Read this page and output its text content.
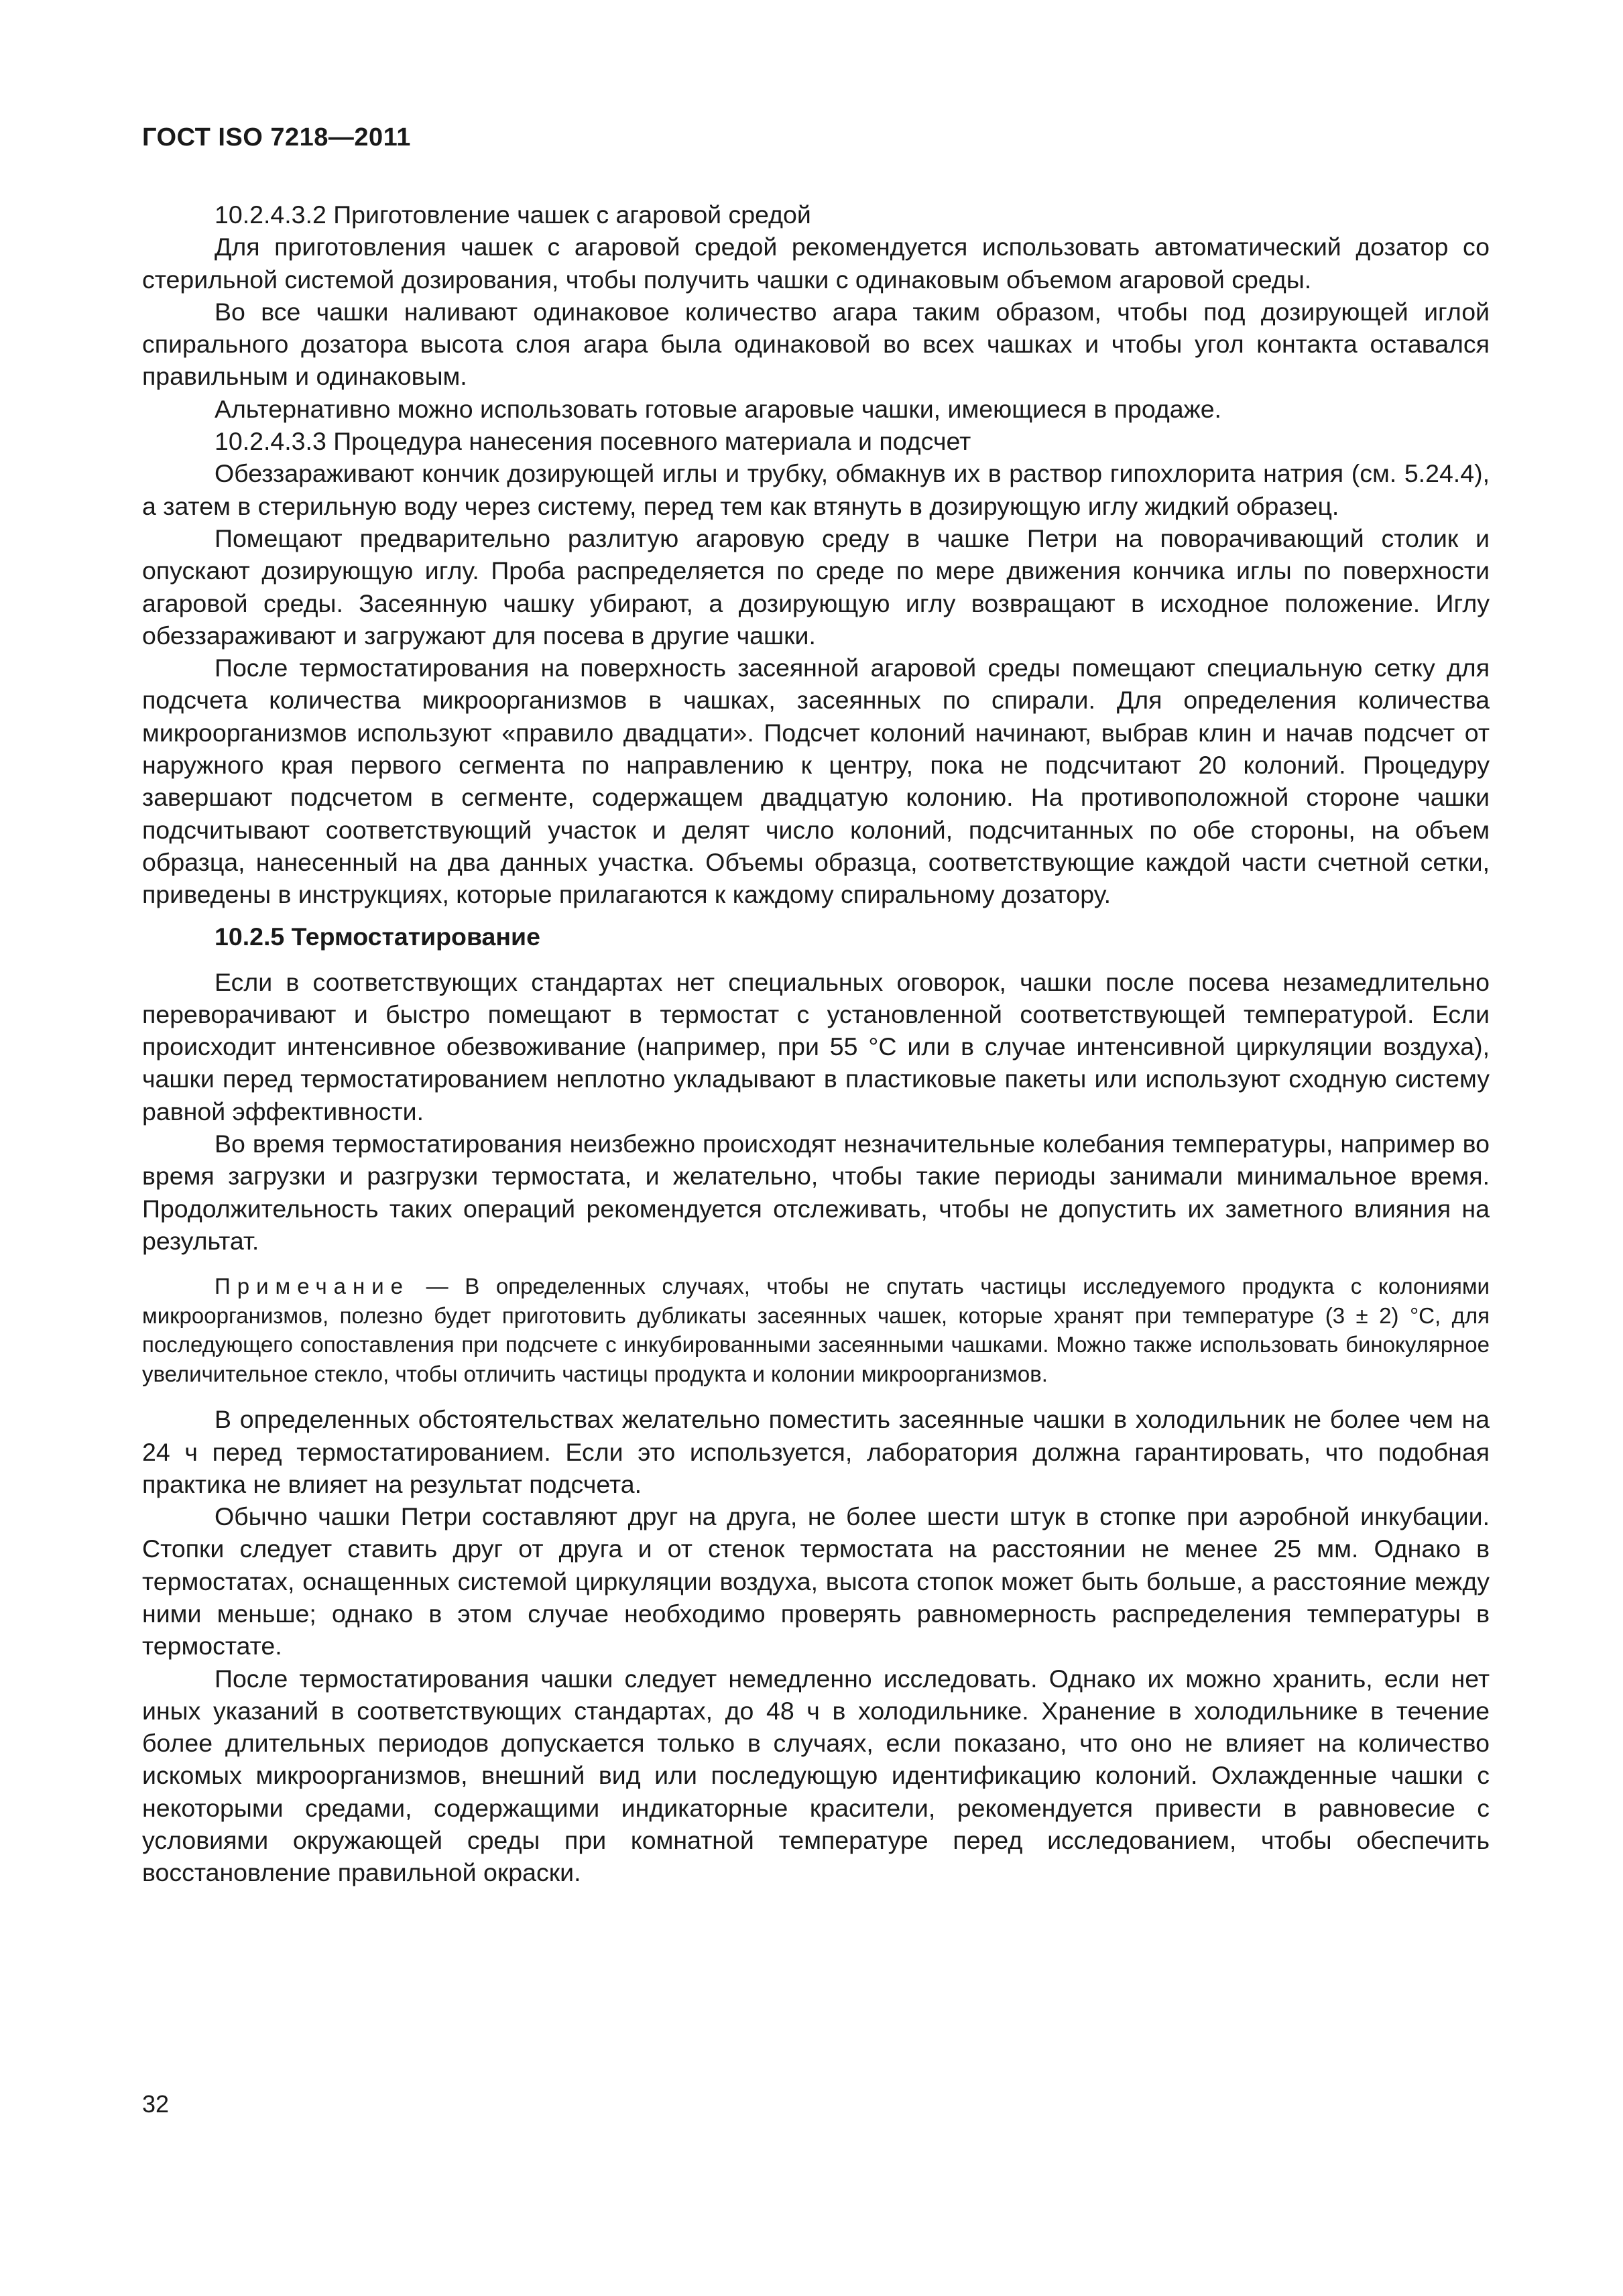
ГОСТ ISO 7218—2011

10.2.4.3.2 Приготовление чашек с агаровой средой

Для приготовления чашек с агаровой средой рекомендуется использовать автоматический дозатор со стерильной системой дозирования, чтобы получить чашки с одинаковым объемом агаровой среды.

Во все чашки наливают одинаковое количество агара таким образом, чтобы под дозирующей иглой спирального дозатора высота слоя агара была одинаковой во всех чашках и чтобы угол контакта оставался правильным и одинаковым.

Альтернативно можно использовать готовые агаровые чашки, имеющиеся в продаже.

10.2.4.3.3 Процедура нанесения посевного материала и подсчет

Обеззараживают кончик дозирующей иглы и трубку, обмакнув их в раствор гипохлорита натрия (см. 5.24.4), а затем в стерильную воду через систему, перед тем как втянуть в дозирующую иглу жидкий образец.

Помещают предварительно разлитую агаровую среду в чашке Петри на поворачивающий столик и опускают дозирующую иглу. Проба распределяется по среде по мере движения кончика иглы по поверхности агаровой среды. Засеянную чашку убирают, а дозирующую иглу возвращают в исходное положение. Иглу обеззараживают и загружают для посева в другие чашки.

После термостатирования на поверхность засеянной агаровой среды помещают специальную сетку для подсчета количества микроорганизмов в чашках, засеянных по спирали. Для определения количества микроорганизмов используют «правило двадцати». Подсчет колоний начинают, выбрав клин и начав подсчет от наружного края первого сегмента по направлению к центру, пока не подсчитают 20 колоний. Процедуру завершают подсчетом в сегменте, содержащем двадцатую колонию. На противоположной стороне чашки подсчитывают соответствующий участок и делят число колоний, подсчитанных по обе стороны, на объем образца, нанесенный на два данных участка. Объемы образца, соответствующие каждой части счетной сетки, приведены в инструкциях, которые прилагаются к каждому спиральному дозатору.

10.2.5 Термостатирование

Если в соответствующих стандартах нет специальных оговорок, чашки после посева незамедлительно переворачивают и быстро помещают в термостат с установленной соответствующей температурой. Если происходит интенсивное обезвоживание (например, при 55 °С или в случае интенсивной циркуляции воздуха), чашки перед термостатированием неплотно укладывают в пластиковые пакеты или используют сходную систему равной эффективности.

Во время термостатирования неизбежно происходят незначительные колебания температуры, например во время загрузки и разгрузки термостата, и желательно, чтобы такие периоды занимали минимальное время. Продолжительность таких операций рекомендуется отслеживать, чтобы не допустить их заметного влияния на результат.

Примечание — В определенных случаях, чтобы не спутать частицы исследуемого продукта с колониями микроорганизмов, полезно будет приготовить дубликаты засеянных чашек, которые хранят при температуре (3 ± 2) °С, для последующего сопоставления при подсчете с инкубированными засеянными чашками. Можно также использовать бинокулярное увеличительное стекло, чтобы отличить частицы продукта и колонии микроорганизмов.

В определенных обстоятельствах желательно поместить засеянные чашки в холодильник не более чем на 24 ч перед термостатированием. Если это используется, лаборатория должна гарантировать, что подобная практика не влияет на результат подсчета.

Обычно чашки Петри составляют друг на друга, не более шести штук в стопке при аэробной инкубации. Стопки следует ставить друг от друга и от стенок термостата на расстоянии не менее 25 мм. Однако в термостатах, оснащенных системой циркуляции воздуха, высота стопок может быть больше, а расстояние между ними меньше; однако в этом случае необходимо проверять равномерность распределения температуры в термостате.

После термостатирования чашки следует немедленно исследовать. Однако их можно хранить, если нет иных указаний в соответствующих стандартах, до 48 ч в холодильнике. Хранение в холодильнике в течение более длительных периодов допускается только в случаях, если показано, что оно не влияет на количество искомых микроорганизмов, внешний вид или последующую идентификацию колоний. Охлажденные чашки с некоторыми средами, содержащими индикаторные красители, рекомендуется привести в равновесие с условиями окружающей среды при комнатной температуре перед исследованием, чтобы обеспечить восстановление правильной окраски.

32
